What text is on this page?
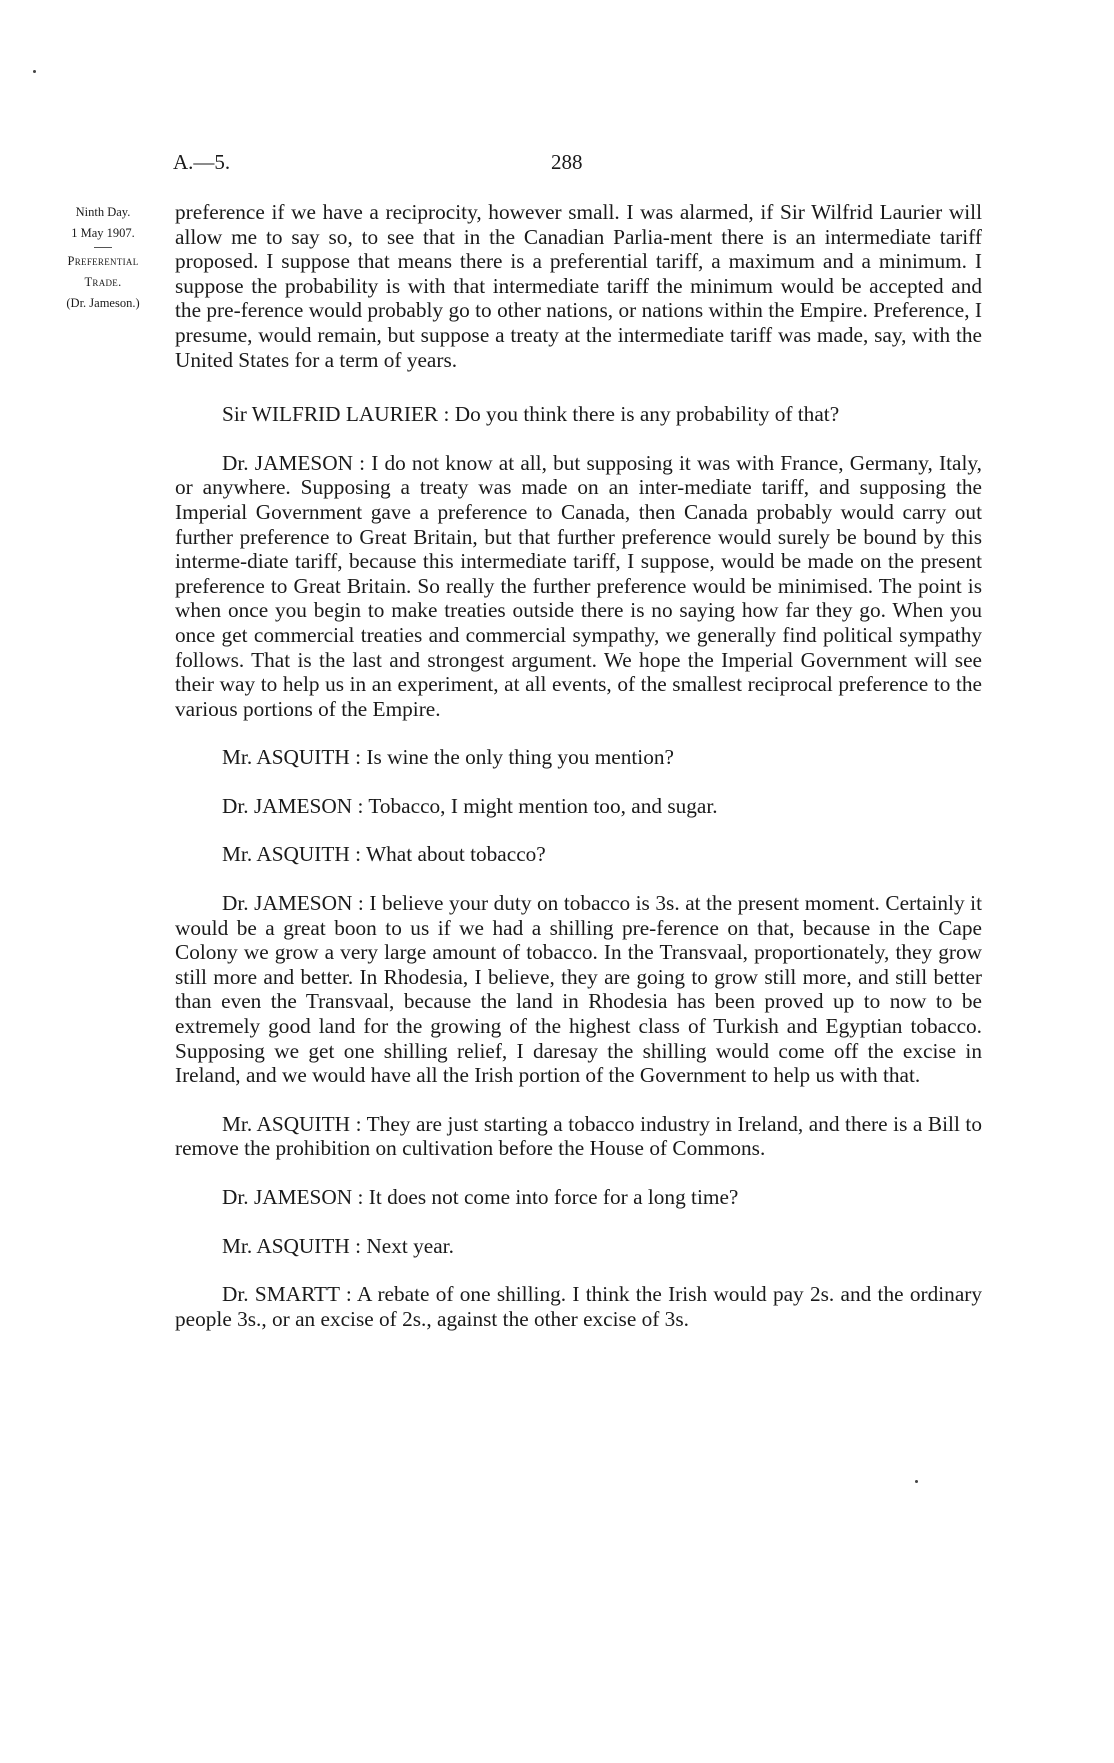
A.—5.	288
Ninth Day.
1 May 1907.
Preferential
Trade.
(Dr. Jameson.)

preference if we have a reciprocity, however small. I was alarmed, if Sir Wilfrid Laurier will allow me to say so, to see that in the Canadian Parlia-ment there is an intermediate tariff proposed. I suppose that means there is a preferential tariff, a maximum and a minimum. I suppose the probability is with that intermediate tariff the minimum would be accepted and the pre-ference would probably go to other nations, or nations within the Empire. Preference, I presume, would remain, but suppose a treaty at the intermediate tariff was made, say, with the United States for a term of years.

Sir WILFRID LAURIER : Do you think there is any probability of that?

Dr. JAMESON : I do not know at all, but supposing it was with France, Germany, Italy, or anywhere. Supposing a treaty was made on an inter-mediate tariff, and supposing the Imperial Government gave a preference to Canada, then Canada probably would carry out further preference to Great Britain, but that further preference would surely be bound by this interme-diate tariff, because this intermediate tariff, I suppose, would be made on the present preference to Great Britain. So really the further preference would be minimised. The point is when once you begin to make treaties outside there is no saying how far they go. When you once get commercial treaties and commercial sympathy, we generally find political sympathy follows. That is the last and strongest argument. We hope the Imperial Government will see their way to help us in an experiment, at all events, of the smallest reciprocal preference to the various portions of the Empire.

Mr. ASQUITH : Is wine the only thing you mention?

Dr. JAMESON : Tobacco, I might mention too, and sugar.

Mr. ASQUITH : What about tobacco?

Dr. JAMESON : I believe your duty on tobacco is 3s. at the present moment. Certainly it would be a great boon to us if we had a shilling pre-ference on that, because in the Cape Colony we grow a very large amount of tobacco. In the Transvaal, proportionately, they grow still more and better. In Rhodesia, I believe, they are going to grow still more, and still better than even the Transvaal, because the land in Rhodesia has been proved up to now to be extremely good land for the growing of the highest class of Turkish and Egyptian tobacco. Supposing we get one shilling relief, I daresay the shilling would come off the excise in Ireland, and we would have all the Irish portion of the Government to help us with that.

Mr. ASQUITH : They are just starting a tobacco industry in Ireland, and there is a Bill to remove the prohibition on cultivation before the House of Commons.

Dr. JAMESON : It does not come into force for a long time?

Mr. ASQUITH : Next year.

Dr. SMARTT : A rebate of one shilling. I think the Irish would pay 2s. and the ordinary people 3s., or an excise of 2s., against the other excise of 3s.
